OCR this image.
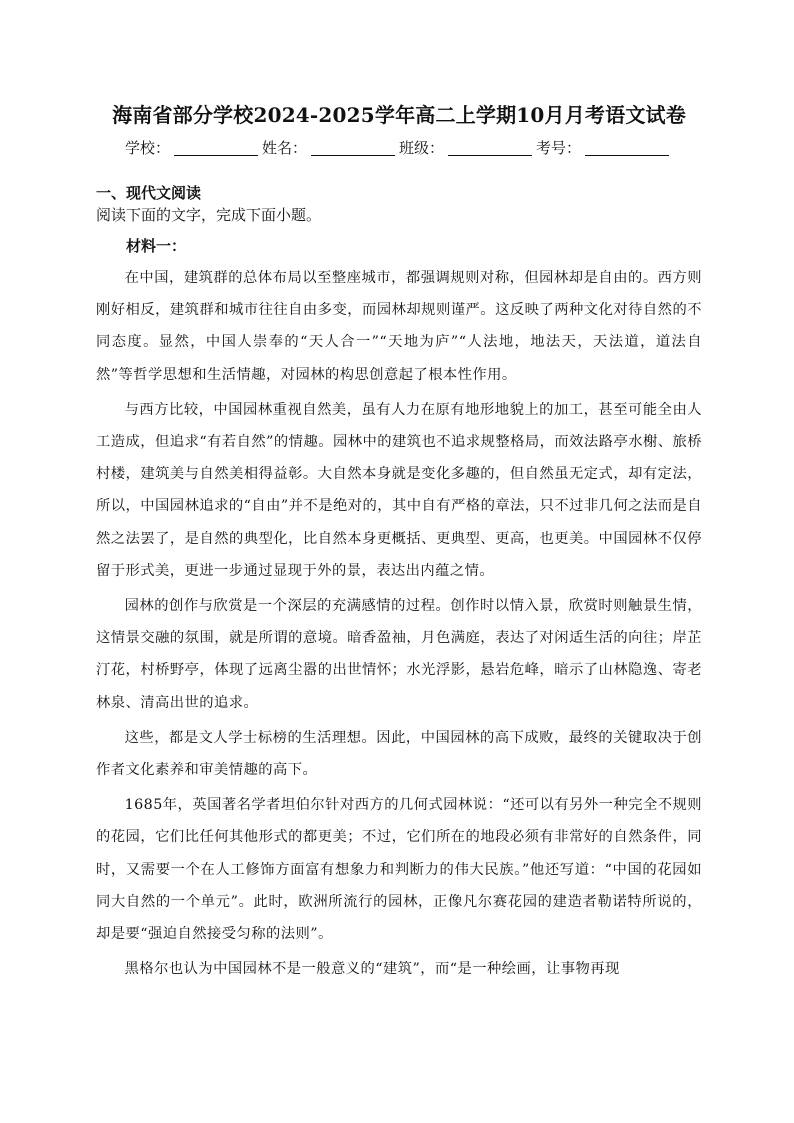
海南省部分学校2024-2025学年高二上学期10月月考语文试卷
学校：	姓名：	班级：	考号：
一、现代文阅读

阅读下面的文字，完成下面小题。

材料一：

在中国，建筑群的总体布局以至整座城市，都强调规则对称，但园林却是自由的。西方则刚好相反，建筑群和城市往往自由多变，而园林却规则谨严。这反映了两种文化对待自然的不同态度。显然，中国人崇奉的“天人合一”“天地为庐”“人法地，地法天，天法道，道法自然”等哲学思想和生活情趣，对园林的构思创意起了根本性作用。

与西方比较，中国园林重视自然美，虽有人力在原有地形地貌上的加工，甚至可能全由人工造成，但追求“有若自然”的情趣。园林中的建筑也不追求规整格局，而效法路亭水榭、旅桥村楼，建筑美与自然美相得益彰。大自然本身就是变化多趣的，但自然虽无定式，却有定法，所以，中国园林追求的“自由”并不是绝对的，其中自有严格的章法，只不过非几何之法而是自然之法罢了，是自然的典型化，比自然本身更概括、更典型、更高，也更美。中国园林不仅停留于形式美，更进一步通过显现于外的景，表达出内蕴之情。

园林的创作与欣赏是一个深层的充满感情的过程。创作时以情入景，欣赏时则触景生情，这情景交融的氛围，就是所谓的意境。暗香盈袖，月色满庭，表达了对闲适生活的向往；岸芷汀花，村桥野亭，体现了远离尘嚣的出世情怀；水光浮影，悬岩危峰，暗示了山林隐逸、寄老林泉、清高出世的追求。

这些，都是文人学士标榜的生活理想。因此，中国园林的高下成败，最终的关键取决于创作者文化素养和审美情趣的高下。

1685年，英国著名学者坦伯尔针对西方的几何式园林说：“还可以有另外一种完全不规则的花园，它们比任何其他形式的都更美；不过，它们所在的地段必须有非常好的自然条件，同时，又需要一个在人工修饰方面富有想象力和判断力的伟大民族。”他还写道：“中国的花园如同大自然的一个单元”。此时，欧洲所流行的园林，正像凡尔赛花园的建造者勒诺特所说的，却是要“强迫自然接受匀称的法则”。

黑格尔也认为中国园林不是一般意义的“建筑”，而“是一种绘画，让事物再现
